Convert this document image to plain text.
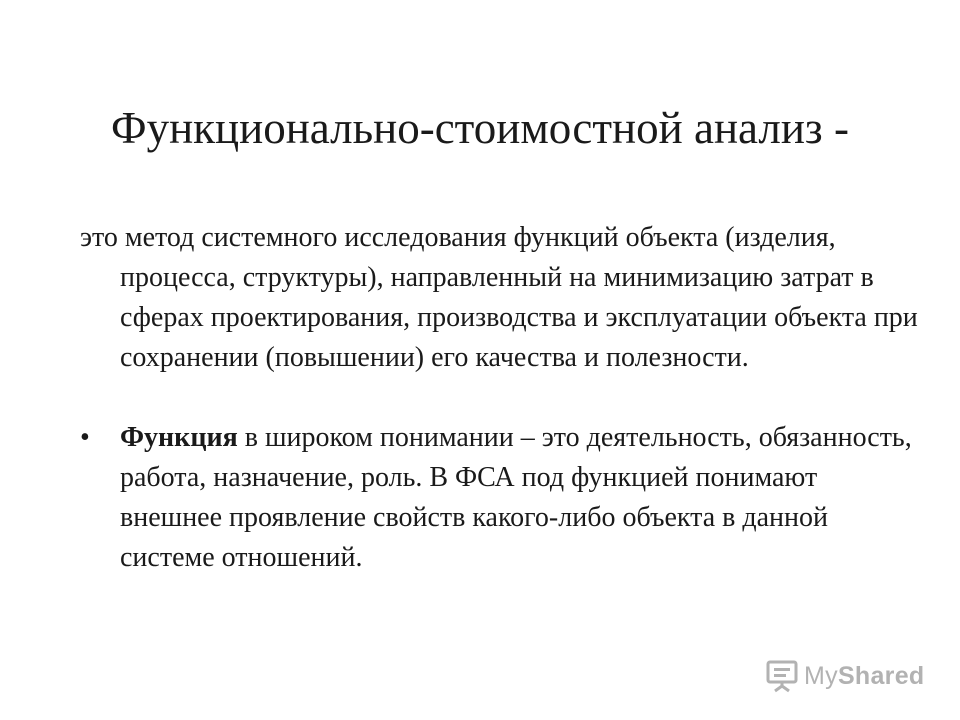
Функционально-стоимостной анализ -
это метод системного исследования функций объекта (изделия, процесса, структуры), направленный на минимизацию затрат в сферах проектирования, производства и эксплуатации объекта при сохранении (повышении) его качества и полезности.
• Функция в широком понимании – это деятельность, обязанность, работа, назначение, роль. В ФСА под функцией понимают внешнее проявление свойств какого-либо объекта в данной системе отношений.
MyShared
